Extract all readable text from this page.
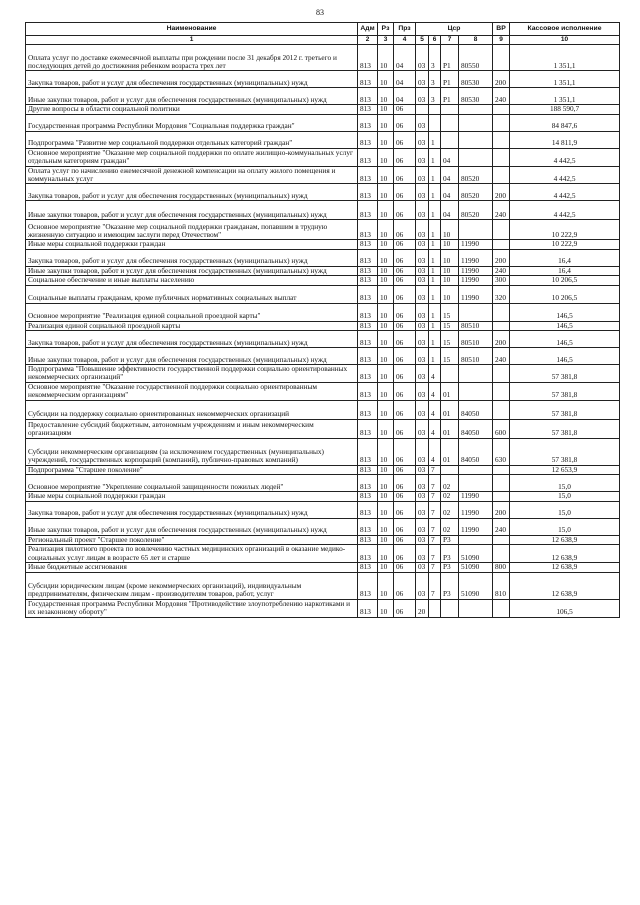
83
Наименование	Адм	Рз	Прз	Цср				ВР	Кассовое исполнение
1	2	3	4	5	6	7	8	9	10
Оплата услуг по доставке ежемесячной выплаты при рождении после 31 декабря 2012 г. третьего и последующих детей до достижения ребенком возраста трех лет	813	10	04	03	3	P1	80550		1 351,1
Закупка товаров, работ и услуг для обеспечения государственных (муниципальных) нужд	813	10	04	03	3	P1	80530	200	1 351,1
Иные закупки товаров, работ и услуг для обеспечения государственных (муниципальных) нужд	813	10	04	03	3	P1	80530	240	1 351,1
Другие вопросы в области социальной политики	813	10	06						188 590,7
Государственная программа Республики Мордовия "Социальная поддержка граждан"	813	10	06	03					84 847,6
Подпрограмма "Развитие мер социальной поддержки отдельных категорий граждан"	813	10	06	03	1				14 811,9
Основное мероприятие "Оказание мер социальной поддержки по оплате жилищно-коммунальных услуг отдельным категориям граждан"	813	10	06	03	1	04			4 442,5
Оплата услуг по начислению ежемесячной денежной компенсации на оплату жилого помещения и коммунальных услуг	813	10	06	03	1	04	80520		4 442,5
Закупка товаров, работ и услуг для обеспечения государственных (муниципальных) нужд	813	10	06	03	1	04	80520	200	4 442,5
Иные закупки товаров, работ и услуг для обеспечения государственных (муниципальных) нужд	813	10	06	03	1	04	80520	240	4 442,5
Основное мероприятие "Оказание мер социальной поддержки гражданам, попавшим в трудную жизненную ситуацию и имеющим заслуги перед Отечеством"	813	10	06	03	1	10			10 222,9
Иные меры социальной поддержки граждан	813	10	06	03	1	10	11990		10 222,9
Закупка товаров, работ и услуг для обеспечения государственных (муниципальных) нужд	813	10	06	03	1	10	11990	200	16,4
Иные закупки товаров, работ и услуг для обеспечения государственных (муниципальных) нужд	813	10	06	03	1	10	11990	240	16,4
Социальное обеспечение и иные выплаты населению	813	10	06	03	1	10	11990	300	10 206,5
Социальные выплаты гражданам, кроме публичных нормативных социальных выплат	813	10	06	03	1	10	11990	320	10 206,5
Основное мероприятие "Реализация единой социальной проездной карты"	813	10	06	03	1	15			146,5
Реализация единой социальной проездной карты	813	10	06	03	1	15	80510		146,5
Закупка товаров, работ и услуг для обеспечения государственных (муниципальных) нужд	813	10	06	03	1	15	80510	200	146,5
Иные закупки товаров, работ и услуг для обеспечения государственных (муниципальных) нужд	813	10	06	03	1	15	80510	240	146,5
Подпрограмма "Повышение эффективности государственной поддержки социально ориентированных некоммерческих организаций"	813	10	06	03	4				57 381,8
Основное мероприятие "Оказание государственной поддержки социально ориентированным некоммерческим организациям"	813	10	06	03	4	01			57 381,8
Субсидии на поддержку социально ориентированных некоммерческих организаций	813	10	06	03	4	01	84050		57 381,8
Предоставление субсидий бюджетным, автономным учреждениям и иным некоммерческим организациям	813	10	06	03	4	01	84050	600	57 381,8
Субсидии некоммерческим организациям (за исключением государственных (муниципальных) учреждений, государственных корпораций (компаний), публично-правовых компаний)	813	10	06	03	4	01	84050	630	57 381,8
Подпрограмма "Старшее поколение"	813	10	06	03	7				12 653,9
Основное мероприятие "Укрепление социальной защищенности пожилых людей"	813	10	06	03	7	02			15,0
Иные меры социальной поддержки граждан	813	10	06	03	7	02	11990		15,0
Закупка товаров, работ и услуг для обеспечения государственных (муниципальных) нужд	813	10	06	03	7	02	11990	200	15,0
Иные закупки товаров, работ и услуг для обеспечения государственных (муниципальных) нужд	813	10	06	03	7	02	11990	240	15,0
Региональный проект "Старшее поколение"	813	10	06	03	7	P3			12 638,9
Реализация пилотного проекта по вовлечению частных медицинских организаций в оказание медико-социальных услуг лицам в возрасте 65 лет и старше	813	10	06	03	7	P3	51090		12 638,9
Иные бюджетные ассигнования	813	10	06	03	7	P3	51090	800	12 638,9
Субсидии юридическим лицам (кроме некоммерческих организаций), индивидуальным предпринимателям, физическим лицам - производителям товаров, работ, услуг	813	10	06	03	7	P3	51090	810	12 638,9
Государственная программа Республики Мордовия "Противодействие злоупотреблению наркотиками и их незаконному обороту"	813	10	06	20					106,5
